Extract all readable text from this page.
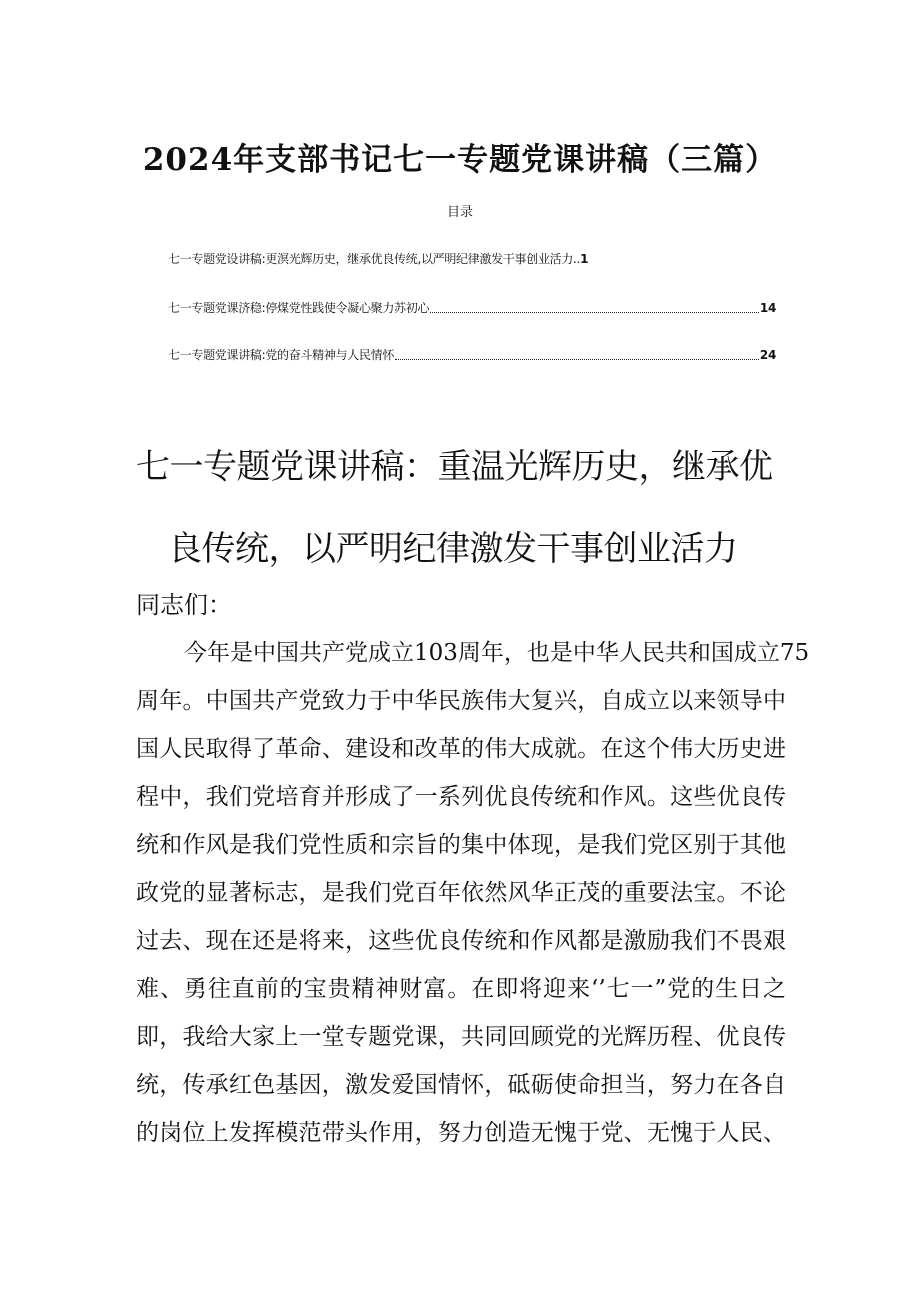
2024年支部书记七一专题党课讲稿（三篇）
目录
七一专题党设讲稿:更溟光辉历史，继承优良传统,以严明纪律激发干事创业活力.. 1
七一专题党课济稳:停煤党性践使令凝心聚力苏初心	14
七一专题党课讲稿:党的奋斗精神与人民情怀	24
七一专题党课讲稿：重温光辉历史，继承优
良传统，以严明纪律激发干事创业活力
同志们：
今年是中国共产党成立103周年，也是中华人民共和国成立75
周年。中国共产党致力于中华民族伟大复兴，自成立以来领导中
国人民取得了革命、建设和改革的伟大成就。在这个伟大历史进
程中，我们党培育并形成了一系列优良传统和作风。这些优良传
统和作风是我们党性质和宗旨的集中体现，是我们党区别于其他
政党的显著标志，是我们党百年依然风华正茂的重要法宝。不论
过去、现在还是将来，这些优良传统和作风都是激励我们不畏艰
难、勇往直前的宝贵精神财富。在即将迎来‘’七一”党的生日之
即，我给大家上一堂专题党课，共同回顾党的光辉历程、优良传
统，传承红色基因，激发爱国情怀，砥砺使命担当，努力在各自
的岗位上发挥模范带头作用，努力创造无愧于党、无愧于人民、
